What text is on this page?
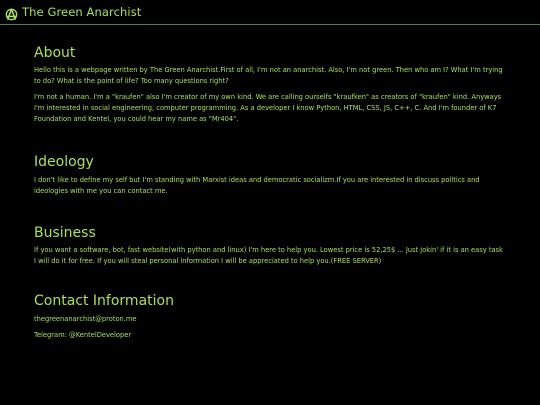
The Green Anarchist
About

Hello this is a webpage written by The Green Anarchist.First of all, I'm not an anarchist. Also, I'm not green. Then who am I? What I'm trying to do? What is the point of life? Too many questions right?

I'm not a human. I'm a "kraufen" also I'm creator of my own kind. We are calling ourselfs "kraufken" as creators of "kraufen" kind. Anyways I'm interested in social engineering, computer programming. As a developer I know Python, HTML, CSS, JS, C++, C. And I'm founder of K7 Foundation and Kentel, you could hear my name as "Mr404".

Ideology

I don't like to define my self but I'm standing with Marxist ideas and democratic socializm.If you are interested in discuss politics and ideologies with me you can contact me.

Business

If you want a software, bot, fast website(with python and linux) I'm here to help you. Lowest price is 52,25$ ... Just jokin' if it is an easy task I will do it for free. If you will steal personal information I will be appreciated to help you.(FREE SERVER)

Contact Information

thegreenanarchist@proton.me

Telegram: @KentelDeveloper
